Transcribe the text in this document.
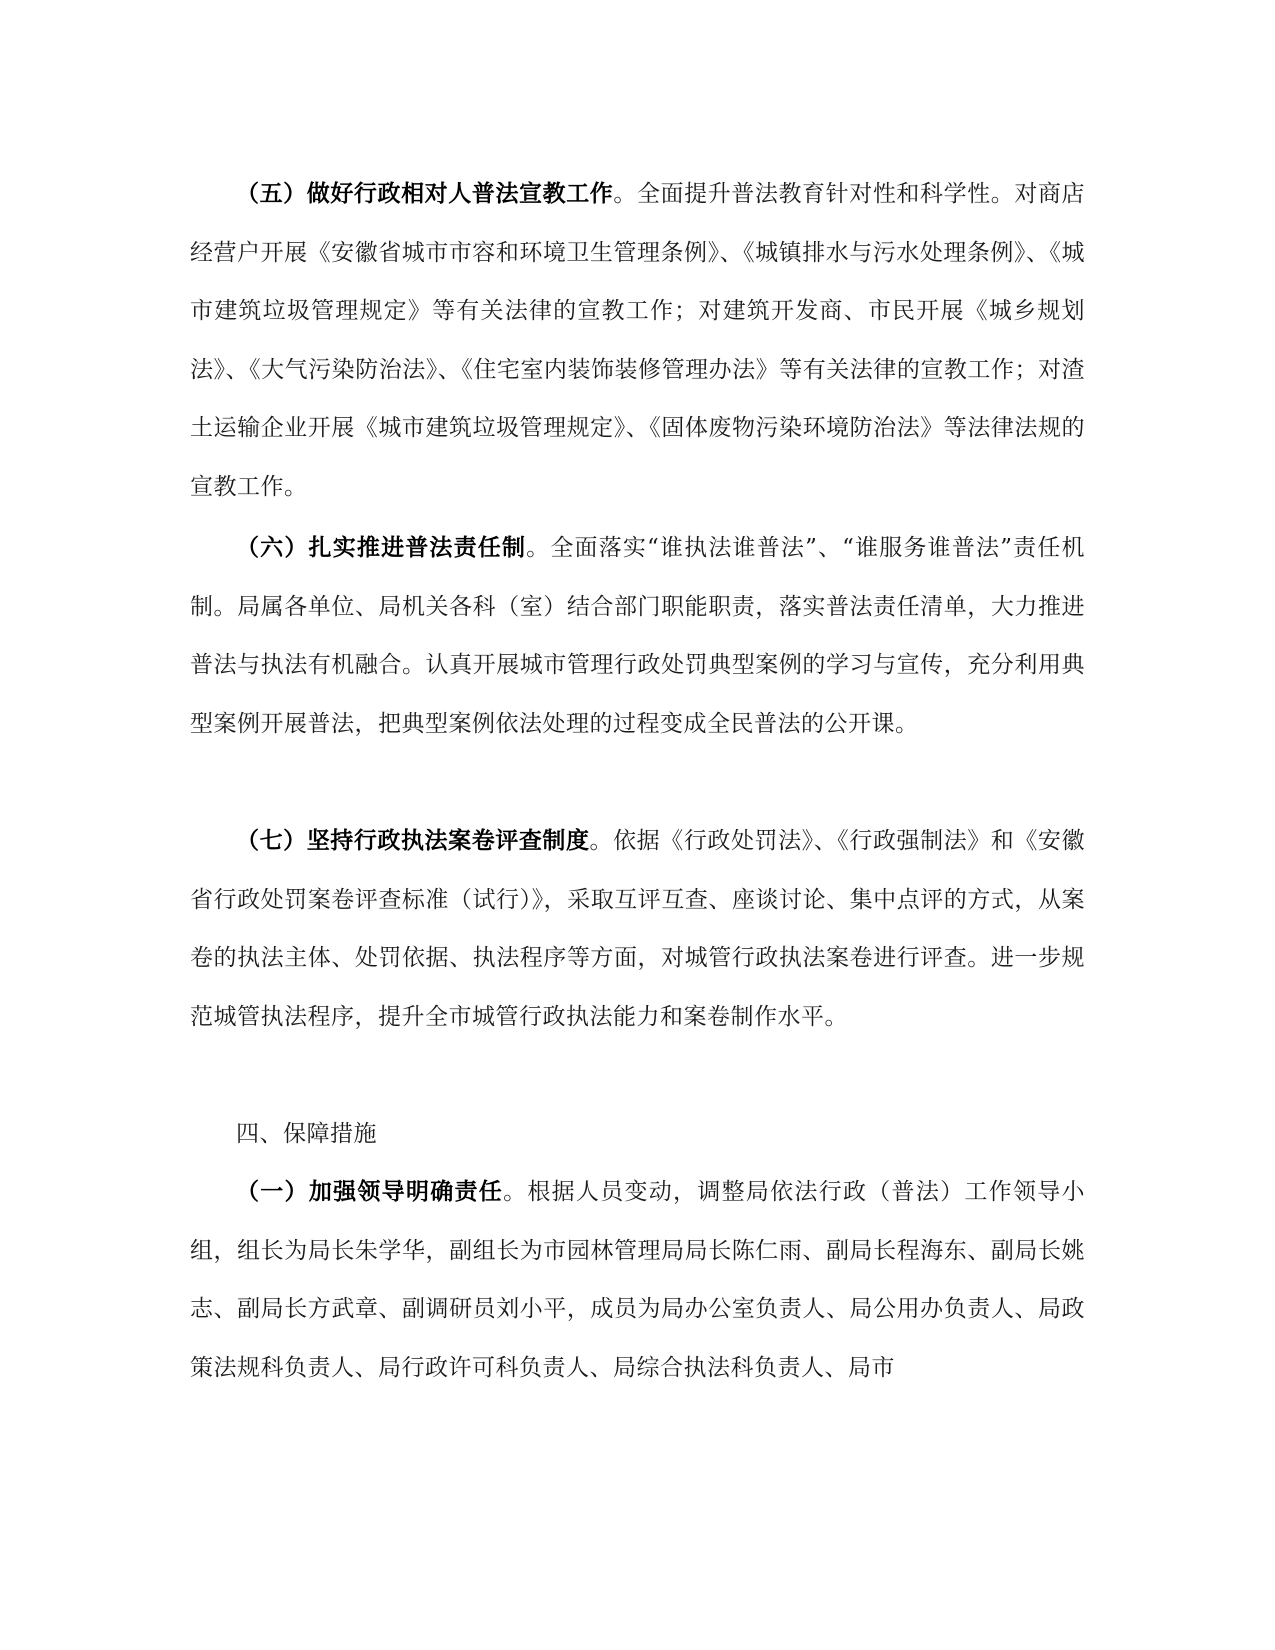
（五）做好行政相对人普法宣教工作。全面提升普法教育针对性和科学性。对商店经营户开展《安徽省城市市容和环境卫生管理条例》、《城镇排水与污水处理条例》、《城市建筑垃圾管理规定》等有关法律的宣教工作；对建筑开发商、市民开展《城乡规划法》、《大气污染防治法》、《住宅室内装饰装修管理办法》等有关法律的宣教工作；对渣土运输企业开展《城市建筑垃圾管理规定》、《固体废物污染环境防治法》等法律法规的宣教工作。

（六）扎实推进普法责任制。全面落实“谁执法谁普法”、“谁服务谁普法”责任机制。局属各单位、局机关各科（室）结合部门职能职责，落实普法责任清单，大力推进普法与执法有机融合。认真开展城市管理行政处罚典型案例的学习与宣传，充分利用典型案例开展普法，把典型案例依法处理的过程变成全民普法的公开课。

（七）坚持行政执法案卷评查制度。依据《行政处罚法》、《行政强制法》和《安徽省行政处罚案卷评查标准（试行）》，采取互评互查、座谈讨论、集中点评的方式，从案卷的执法主体、处罚依据、执法程序等方面，对城管行政执法案卷进行评查。进一步规范城管执法程序，提升全市城管行政执法能力和案卷制作水平。

四、保障措施

（一）加强领导明确责任。根据人员变动，调整局依法行政（普法）工作领导小组，组长为局长朱学华，副组长为市园林管理局局长陈仁雨、副局长程海东、副局长姚志、副局长方武章、副调研员刘小平，成员为局办公室负责人、局公用办负责人、局政策法规科负责人、局行政许可科负责人、局综合执法科负责人、局市
